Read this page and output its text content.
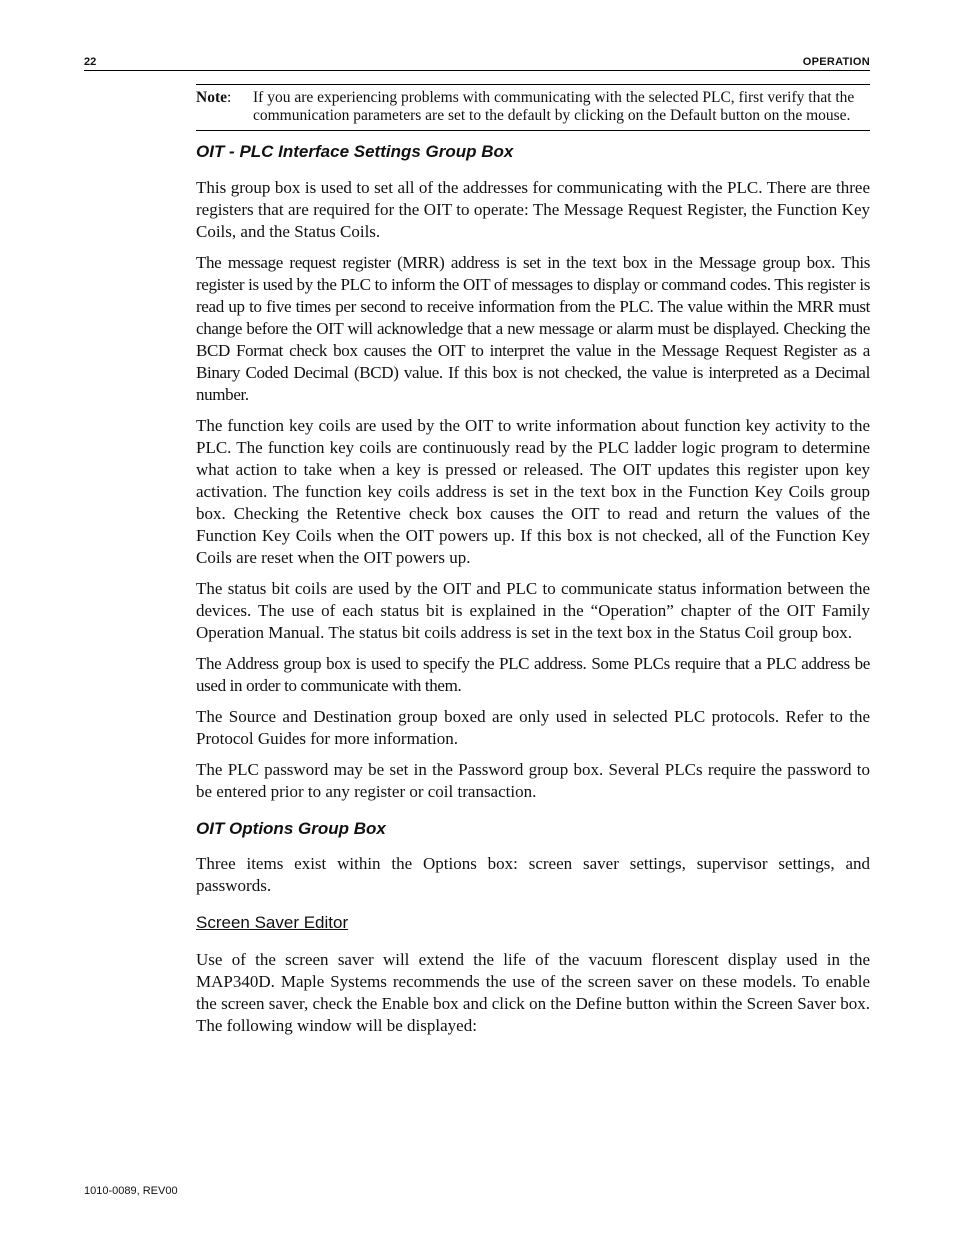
22	OPERATION
Note:	If you are experiencing problems with communicating with the selected PLC, first verify that the communication parameters are set to the default by clicking on the Default button on the mouse.
OIT - PLC Interface Settings Group Box

This group box is used to set all of the addresses for communicating with the PLC. There are three registers that are required for the OIT to operate: The Message Request Register, the Function Key Coils, and the Status Coils.

The message request register (MRR) address is set in the text box in the Message group box. This register is used by the PLC to inform the OIT of messages to display or command codes. This register is read up to five times per second to receive information from the PLC. The value within the MRR must change before the OIT will acknowledge that a new message or alarm must be displayed. Checking the BCD Format check box causes the OIT to interpret the value in the Message Request Register as a Binary Coded Decimal (BCD) value. If this box is not checked, the value is interpreted as a Decimal number.

The function key coils are used by the OIT to write information about function key activity to the PLC. The function key coils are continuously read by the PLC ladder logic program to determine what action to take when a key is pressed or released. The OIT updates this register upon key activation. The function key coils address is set in the text box in the Function Key Coils group box. Checking the Retentive check box causes the OIT to read and return the values of the Function Key Coils when the OIT powers up. If this box is not checked, all of the Function Key Coils are reset when the OIT powers up.

The status bit coils are used by the OIT and PLC to communicate status information between the devices. The use of each status bit is explained in the “Operation” chapter of the OIT Family Operation Manual. The status bit coils address is set in the text box in the Status Coil group box.

The Address group box is used to specify the PLC address. Some PLCs require that a PLC address be used in order to communicate with them.

The Source and Destination group boxed are only used in selected PLC protocols. Refer to the Protocol Guides for more information.

The PLC password may be set in the Password group box. Several PLCs require the password to be entered prior to any register or coil transaction.

OIT Options Group Box

Three items exist within the Options box: screen saver settings, supervisor settings, and passwords.

Screen Saver Editor

Use of the screen saver will extend the life of the vacuum florescent display used in the MAP340D. Maple Systems recommends the use of the screen saver on these models. To enable the screen saver, check the Enable box and click on the Define button within the Screen Saver box. The following window will be displayed:

1010-0089, REV00
